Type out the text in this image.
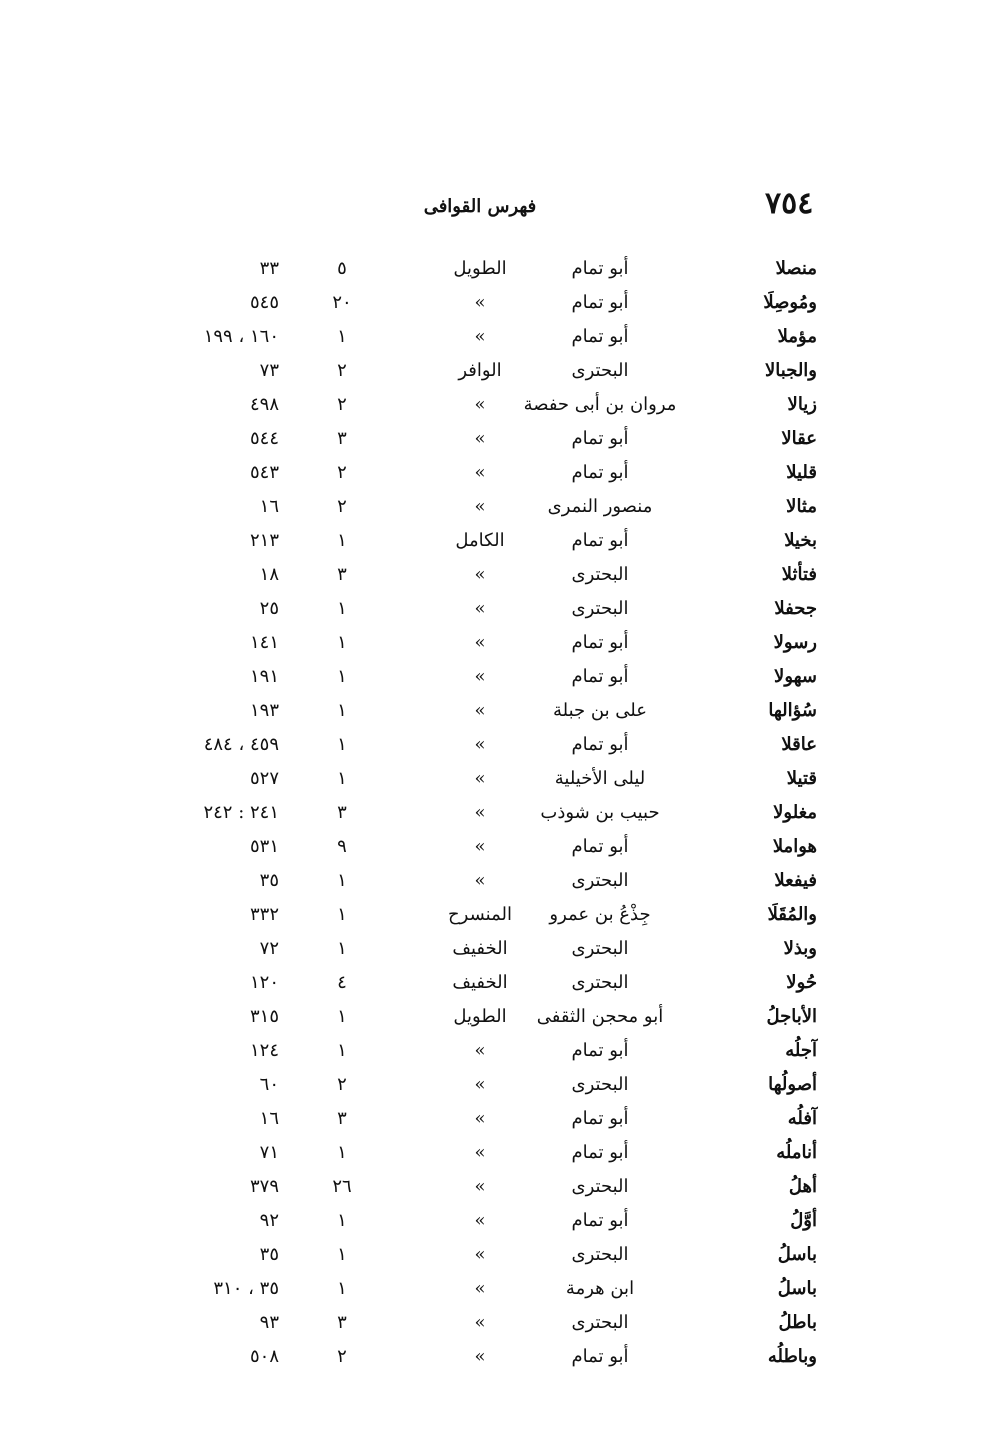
٧٥٤
فهرس القوافى
منصلا
أبو تمام
الطويل
٥
٣٣
ومُوصِلَا
أبو تمام
»
٢٠
٥٤٥
مؤملا
أبو تمام
»
١
١٦٠ ، ١٩٩
والجبالا
البحترى
الوافر
٢
٧٣
زيالا
مروان بن أبى حفصة
»
٢
٤٩٨
عقالا
أبو تمام
»
٣
٥٤٤
قليلا
أبو تمام
»
٢
٥٤٣
مثالا
منصور النمرى
»
٢
١٦
بخيلا
أبو تمام
الكامل
١
٢١٣
فتأثلا
البحترى
»
٣
١٨
جحفلا
البحترى
»
١
٢٥
رسولا
أبو تمام
»
١
١٤١
سهولا
أبو تمام
»
١
١٩١
سُؤالها
على بن جبلة
»
١
١٩٣
عاقلا
أبو تمام
»
١
٤٥٩ ، ٤٨٤
قتيلا
ليلى الأخيلية
»
١
٥٢٧
مغلولا
حبيب بن شوذب
»
٣
٢٤١ : ٢٤٢
هواملا
أبو تمام
»
٩
٥٣١
فيفعلا
البحترى
»
١
٣٥
والمُقَلَا
جِذْعُ بن عمرو
المنسرح
١
٣٣٢
وبذلا
البحترى
الخفيف
١
٧٢
حُولا
البحترى
الخفيف
٤
١٢٠
الأباجلُ
أبو محجن الثقفى
الطويل
١
٣١٥
آجلُه
أبو تمام
»
١
١٢٤
أصولُها
البحترى
»
٢
٦٠
آفلُه
أبو تمام
»
٣
١٦
أناملُه
أبو تمام
»
١
٧١
أهلُ
البحترى
»
٢٦
٣٧٩
أوَّلُ
أبو تمام
»
١
٩٢
باسلُ
البحترى
»
١
٣٥
باسلُ
ابن هرمة
»
١
٣٥ ، ٣١٠
باطلُ
البحترى
»
٣
٩٣
وباطلُه
أبو تمام
»
٢
٥٠٨
